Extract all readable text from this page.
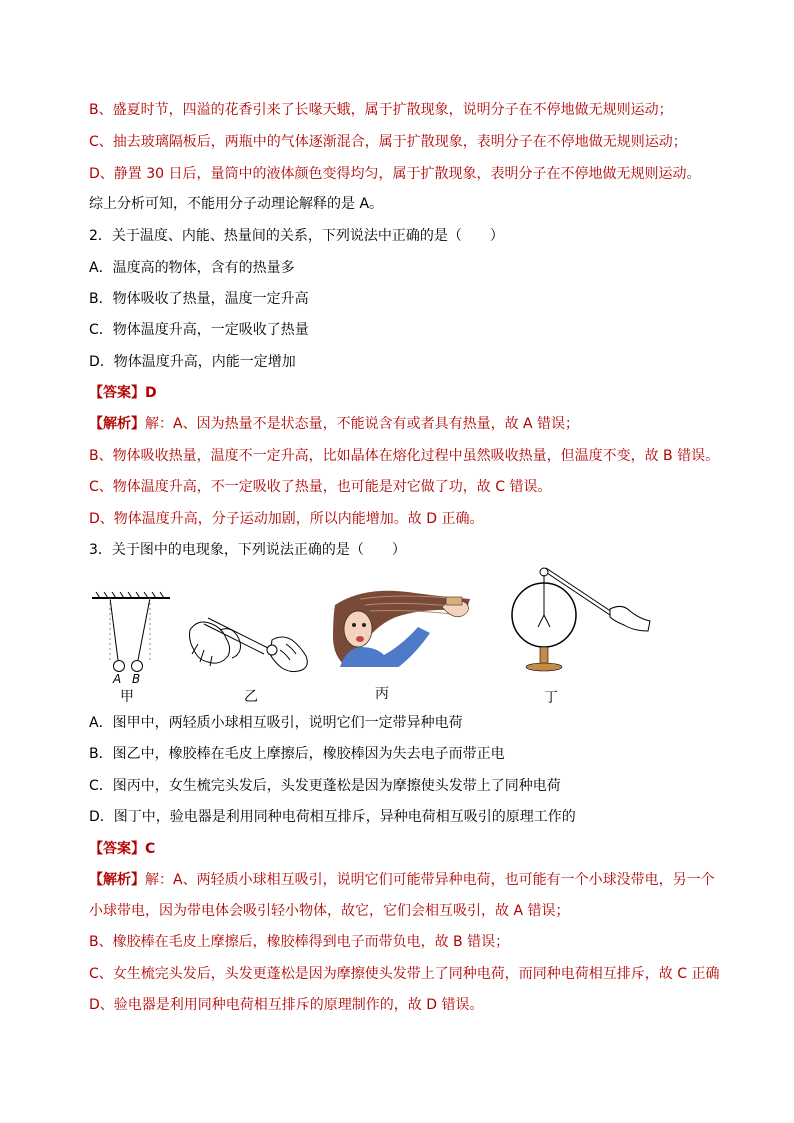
B、盛夏时节，四溢的花香引来了长喙天蛾，属于扩散现象，说明分子在不停地做无规则运动；
C、抽去玻璃隔板后，两瓶中的气体逐渐混合，属于扩散现象，表明分子在不停地做无规则运动；
D、静置 30 日后，量筒中的液体颜色变得均匀，属于扩散现象，表明分子在不停地做无规则运动。
综上分析可知，不能用分子动理论解释的是 A。
2．关于温度、内能、热量间的关系，下列说法中正确的是（　　）
A．温度高的物体，含有的热量多
B．物体吸收了热量，温度一定升高
C．物体温度升高，一定吸收了热量
D．物体温度升高，内能一定增加
【答案】D
【解析】解：A、因为热量不是状态量，不能说含有或者具有热量，故 A 错误；
B、物体吸收热量，温度不一定升高，比如晶体在熔化过程中虽然吸收热量，但温度不变，故 B 错误。
C、物体温度升高，不一定吸收了热量，也可能是对它做了功，故 C 错误。
D、物体温度升高，分子运动加剧，所以内能增加。故 D 正确。
3．关于图中的电现象，下列说法正确的是（　　）
A B
甲	乙	丙	丁
A．图甲中，两轻质小球相互吸引，说明它们一定带异种电荷
B．图乙中，橡胶棒在毛皮上摩擦后，橡胶棒因为失去电子而带正电
C．图丙中，女生梳完头发后，头发更蓬松是因为摩擦使头发带上了同种电荷
D．图丁中，验电器是利用同种电荷相互排斥，异种电荷相互吸引的原理工作的
【答案】C
【解析】解：A、两轻质小球相互吸引，说明它们可能带异种电荷，也可能有一个小球没带电，另一个
小球带电，因为带电体会吸引轻小物体，故它，它们会相互吸引，故 A 错误；
B、橡胶棒在毛皮上摩擦后，橡胶棒得到电子而带负电，故 B 错误；
C、女生梳完头发后，头发更蓬松是因为摩擦使头发带上了同种电荷，而同种电荷相互排斥，故 C 正确
D、验电器是利用同种电荷相互排斥的原理制作的，故 D 错误。
